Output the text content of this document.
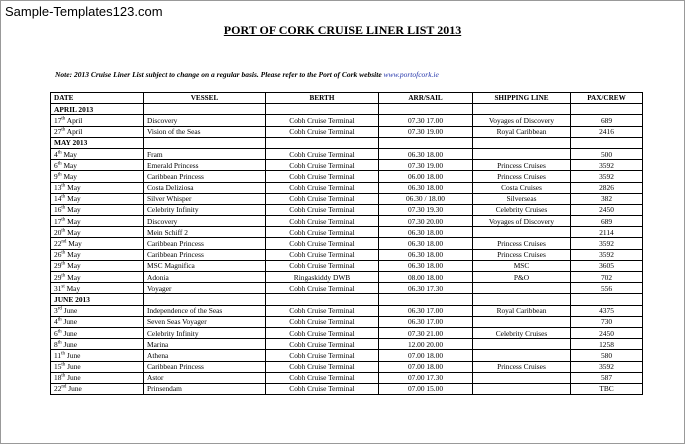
Sample-Templates123.com
PORT OF CORK CRUISE LINER LIST 2013
Note: 2013 Cruise Liner List subject to change on a regular basis. Please refer to the Port of Cork website www.portofcork.ie
DATE	VESSEL	BERTH	ARR/SAIL	SHIPPING LINE	PAX/CREW
APRIL 2013					
17th April	Discovery	Cobh Cruise Terminal	07.30 17.00	Voyages of Discovery	689
27th April	Vision of the Seas	Cobh Cruise Terminal	07.30 19.00	Royal Caribbean	2416
MAY 2013					
4th May	Fram	Cobh Cruise Terminal	06.30 18.00		500
6th May	Emerald Princess	Cobh Cruise Terminal	07.30 19.00	Princess Cruises	3592
9th May	Caribbean Princess	Cobh Cruise Terminal	06.00 18.00	Princess Cruises	3592
13th May	Costa Deliziosa	Cobh Cruise Terminal	06.30 18.00	Costa Cruises	2826
14th May	Silver Whisper	Cobh Cruise Terminal	06.30 / 18.00	Silverseas	382
16th May	Celebrity Infinity	Cobh Cruise Terminal	07.30 19.30	Celebrity Cruises	2450
17th May	Discovery	Cobh Cruise Terminal	07.30 20.00	Voyages of Discovery	689
20th May	Mein Schiff 2	Cobh Cruise Terminal	06.30 18.00		2114
22nd May	Caribbean Princess	Cobh Cruise Terminal	06.30 18.00	Princess Cruises	3592
26th May	Caribbean Princess	Cobh Cruise Terminal	06.30 18.00	Princess Cruises	3592
29th May	MSC Magnifica	Cobh Cruise Terminal	06.30 18.00	MSC	3605
29th May	Adonia	Ringaskiddy DWB	08.00 18.00	P&O	702
31st May	Voyager	Cobh Cruise Terminal	06.30 17.30		556
JUNE 2013					
3rd June	Independence of the Seas	Cobh Cruise Terminal	06.30 17.00	Royal Caribbean	4375
4th June	Seven Seas Voyager	Cobh Cruise Terminal	06.30 17.00		730
6th June	Celebrity Infinity	Cobh Cruise Terminal	07.30 21.00	Celebrity Cruises	2450
8th June	Marina	Cobh Cruise Terminal	12.00 20.00		1258
11th June	Athena	Cobh Cruise Terminal	07.00 18.00		580
15th June	Caribbean Princess	Cobh Cruise Terminal	07.00 18.00	Princess Cruises	3592
18th June	Astor	Cobh Cruise Terminal	07.00 17.30		587
22nd June	Prinsendam	Cobh Cruise Terminal	07.00 15.00		TBC
